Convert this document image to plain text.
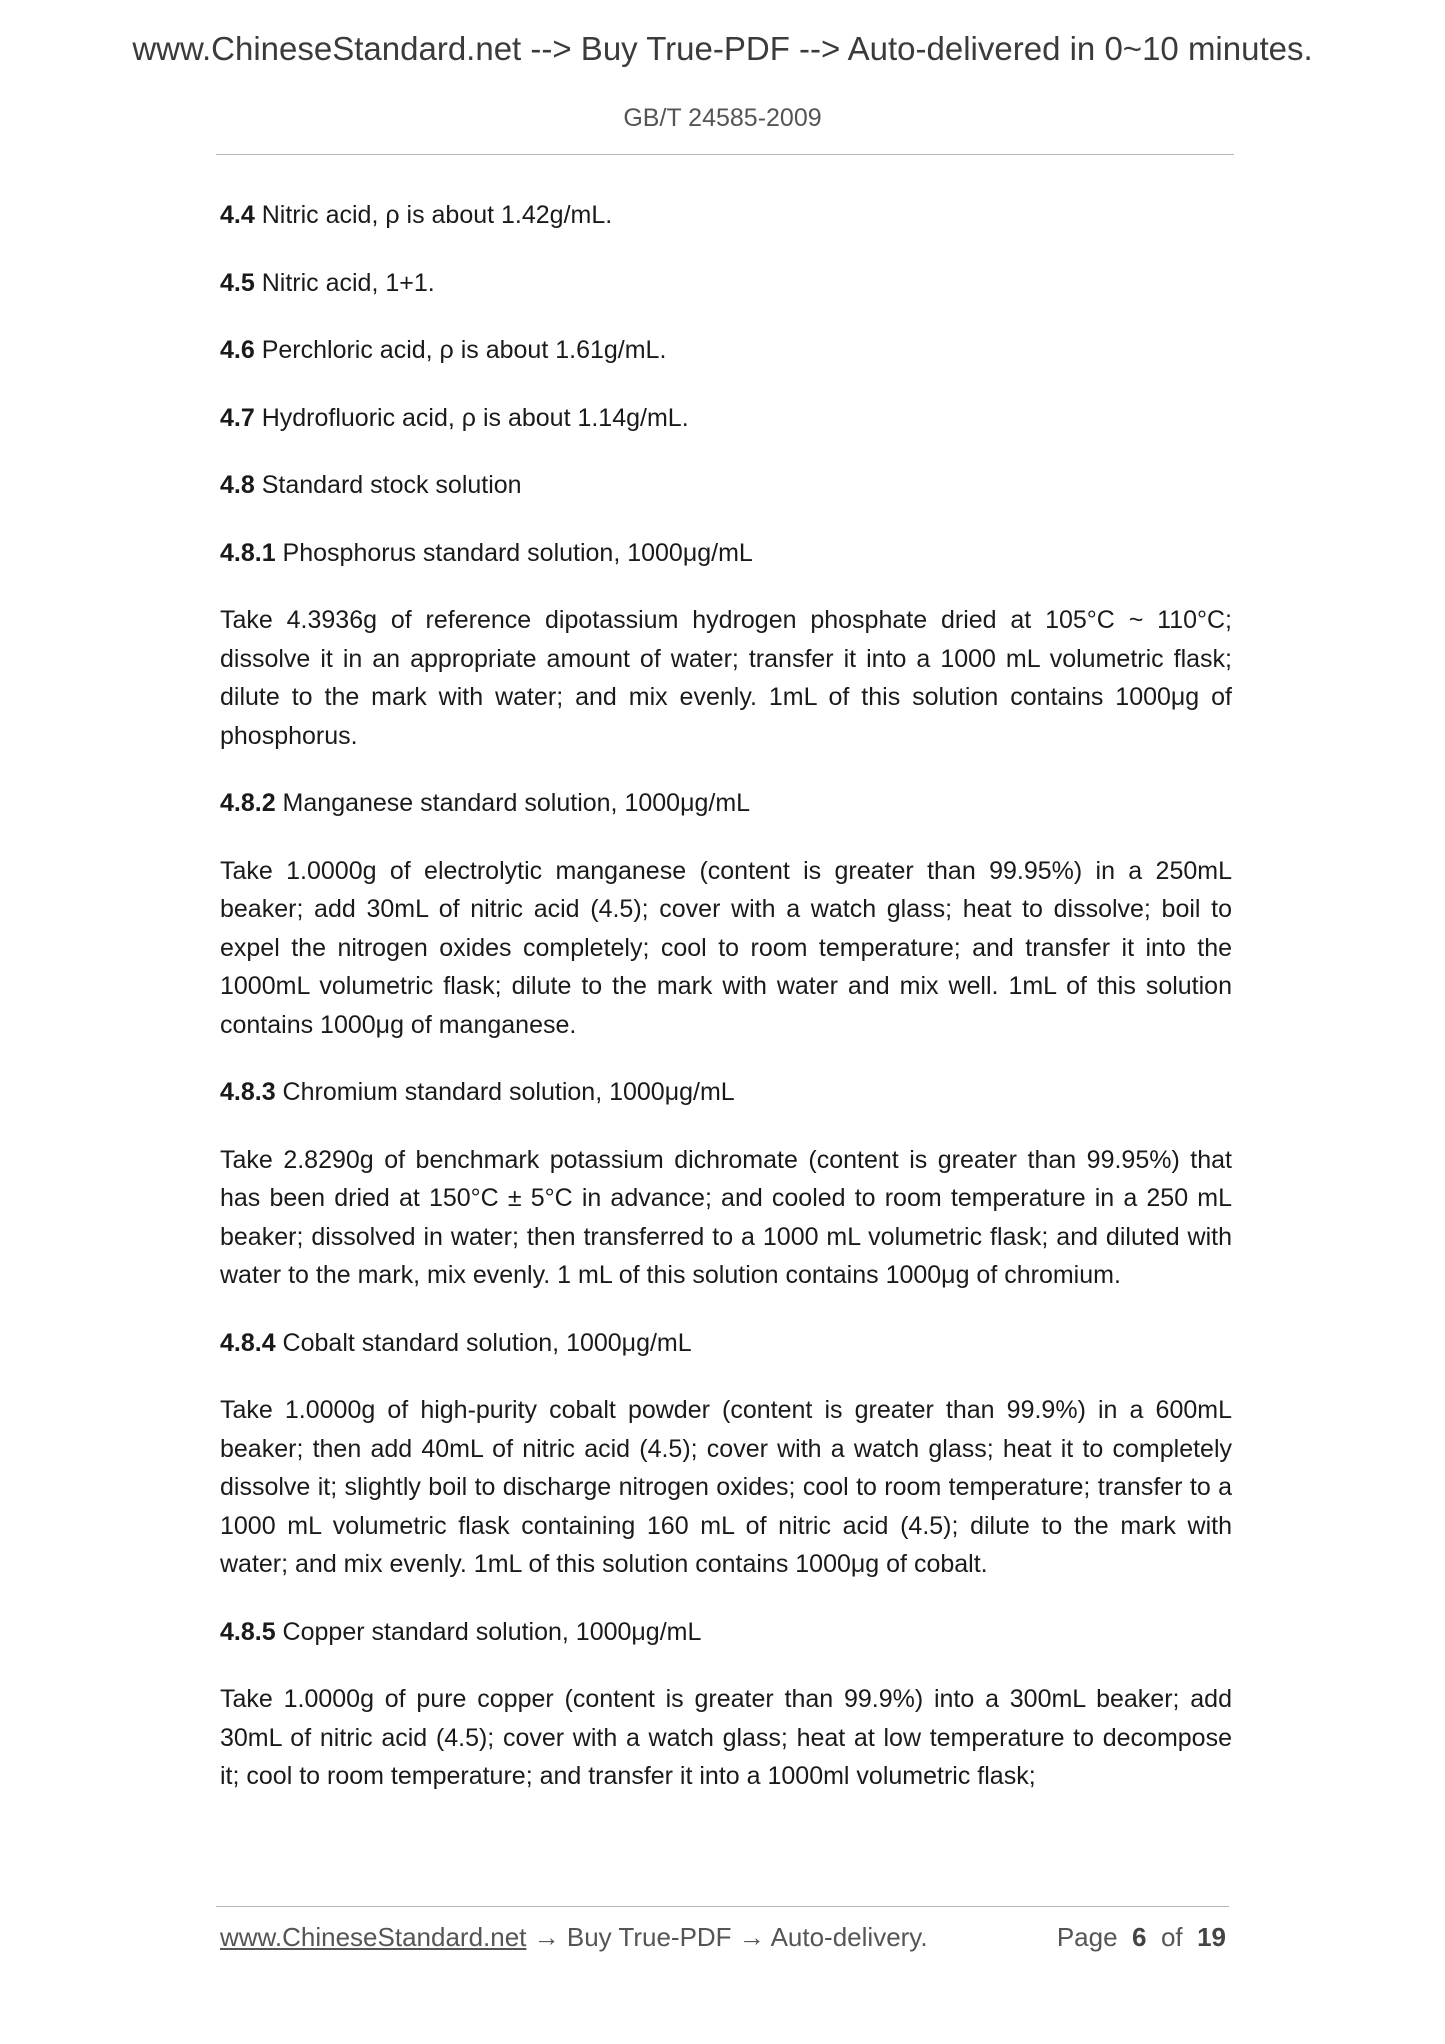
www.ChineseStandard.net --> Buy True-PDF --> Auto-delivered in 0~10 minutes.
GB/T 24585-2009

4.4 Nitric acid, ρ is about 1.42g/mL.

4.5 Nitric acid, 1+1.

4.6 Perchloric acid, ρ is about 1.61g/mL.

4.7 Hydrofluoric acid, ρ is about 1.14g/mL.

4.8 Standard stock solution

4.8.1 Phosphorus standard solution, 1000μg/mL

Take 4.3936g of reference dipotassium hydrogen phosphate dried at 105°C ~ 110°C; dissolve it in an appropriate amount of water; transfer it into a 1000 mL volumetric flask; dilute to the mark with water; and mix evenly. 1mL of this solution contains 1000μg of phosphorus.

4.8.2 Manganese standard solution, 1000μg/mL

Take 1.0000g of electrolytic manganese (content is greater than 99.95%) in a 250mL beaker; add 30mL of nitric acid (4.5); cover with a watch glass; heat to dissolve; boil to expel the nitrogen oxides completely; cool to room temperature; and transfer it into the 1000mL volumetric flask; dilute to the mark with water and mix well. 1mL of this solution contains 1000μg of manganese.

4.8.3 Chromium standard solution, 1000μg/mL

Take 2.8290g of benchmark potassium dichromate (content is greater than 99.95%) that has been dried at 150°C ± 5°C in advance; and cooled to room temperature in a 250 mL beaker; dissolved in water; then transferred to a 1000 mL volumetric flask; and diluted with water to the mark, mix evenly. 1 mL of this solution contains 1000μg of chromium.

4.8.4 Cobalt standard solution, 1000μg/mL

Take 1.0000g of high-purity cobalt powder (content is greater than 99.9%) in a 600mL beaker; then add 40mL of nitric acid (4.5); cover with a watch glass; heat it to completely dissolve it; slightly boil to discharge nitrogen oxides; cool to room temperature; transfer to a 1000 mL volumetric flask containing 160 mL of nitric acid (4.5); dilute to the mark with water; and mix evenly. 1mL of this solution contains 1000μg of cobalt.

4.8.5 Copper standard solution, 1000μg/mL

Take 1.0000g of pure copper (content is greater than 99.9%) into a 300mL beaker; add 30mL of nitric acid (4.5); cover with a watch glass; heat at low temperature to decompose it; cool to room temperature; and transfer it into a 1000ml volumetric flask;

www.ChineseStandard.net → Buy True-PDF → Auto-delivery.	Page 6 of 19
